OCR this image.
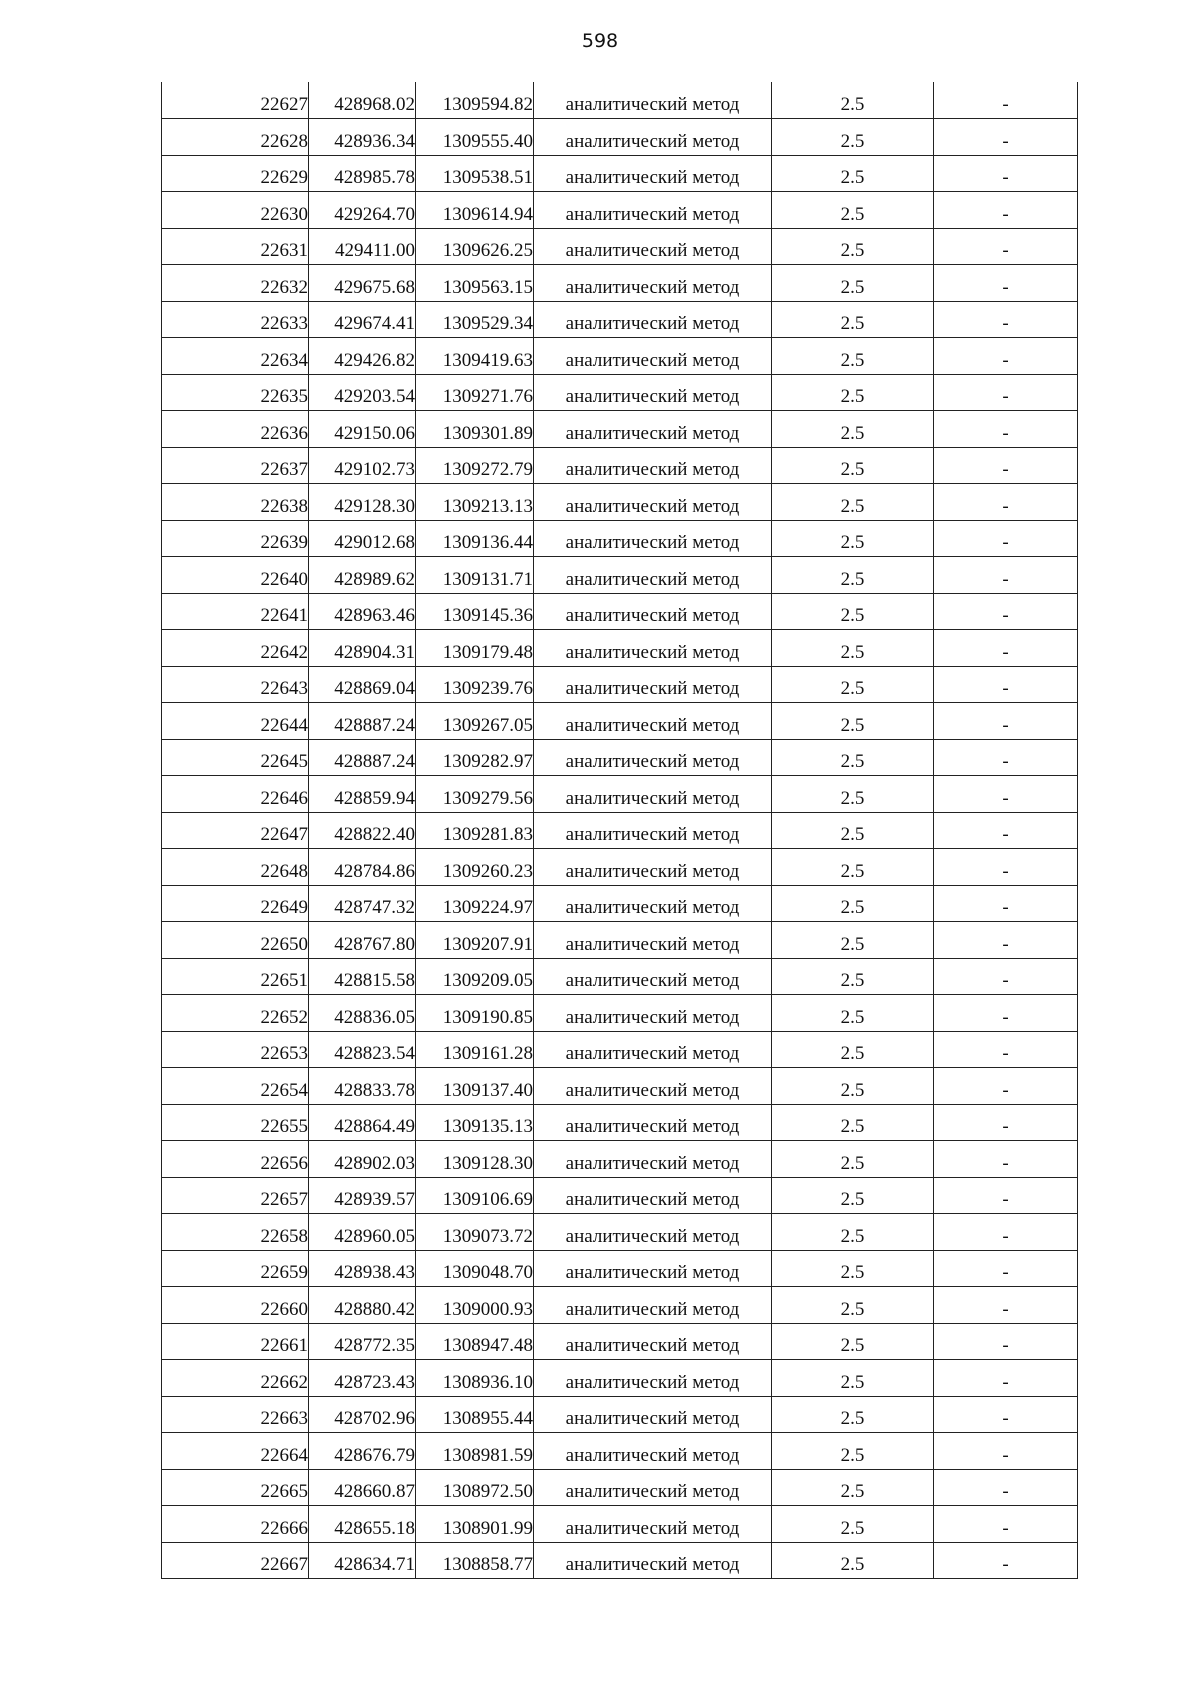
598
22627	428968.02	1309594.82	аналитический метод	2.5	-
22628	428936.34	1309555.40	аналитический метод	2.5	-
22629	428985.78	1309538.51	аналитический метод	2.5	-
22630	429264.70	1309614.94	аналитический метод	2.5	-
22631	429411.00	1309626.25	аналитический метод	2.5	-
22632	429675.68	1309563.15	аналитический метод	2.5	-
22633	429674.41	1309529.34	аналитический метод	2.5	-
22634	429426.82	1309419.63	аналитический метод	2.5	-
22635	429203.54	1309271.76	аналитический метод	2.5	-
22636	429150.06	1309301.89	аналитический метод	2.5	-
22637	429102.73	1309272.79	аналитический метод	2.5	-
22638	429128.30	1309213.13	аналитический метод	2.5	-
22639	429012.68	1309136.44	аналитический метод	2.5	-
22640	428989.62	1309131.71	аналитический метод	2.5	-
22641	428963.46	1309145.36	аналитический метод	2.5	-
22642	428904.31	1309179.48	аналитический метод	2.5	-
22643	428869.04	1309239.76	аналитический метод	2.5	-
22644	428887.24	1309267.05	аналитический метод	2.5	-
22645	428887.24	1309282.97	аналитический метод	2.5	-
22646	428859.94	1309279.56	аналитический метод	2.5	-
22647	428822.40	1309281.83	аналитический метод	2.5	-
22648	428784.86	1309260.23	аналитический метод	2.5	-
22649	428747.32	1309224.97	аналитический метод	2.5	-
22650	428767.80	1309207.91	аналитический метод	2.5	-
22651	428815.58	1309209.05	аналитический метод	2.5	-
22652	428836.05	1309190.85	аналитический метод	2.5	-
22653	428823.54	1309161.28	аналитический метод	2.5	-
22654	428833.78	1309137.40	аналитический метод	2.5	-
22655	428864.49	1309135.13	аналитический метод	2.5	-
22656	428902.03	1309128.30	аналитический метод	2.5	-
22657	428939.57	1309106.69	аналитический метод	2.5	-
22658	428960.05	1309073.72	аналитический метод	2.5	-
22659	428938.43	1309048.70	аналитический метод	2.5	-
22660	428880.42	1309000.93	аналитический метод	2.5	-
22661	428772.35	1308947.48	аналитический метод	2.5	-
22662	428723.43	1308936.10	аналитический метод	2.5	-
22663	428702.96	1308955.44	аналитический метод	2.5	-
22664	428676.79	1308981.59	аналитический метод	2.5	-
22665	428660.87	1308972.50	аналитический метод	2.5	-
22666	428655.18	1308901.99	аналитический метод	2.5	-
22667	428634.71	1308858.77	аналитический метод	2.5	-
